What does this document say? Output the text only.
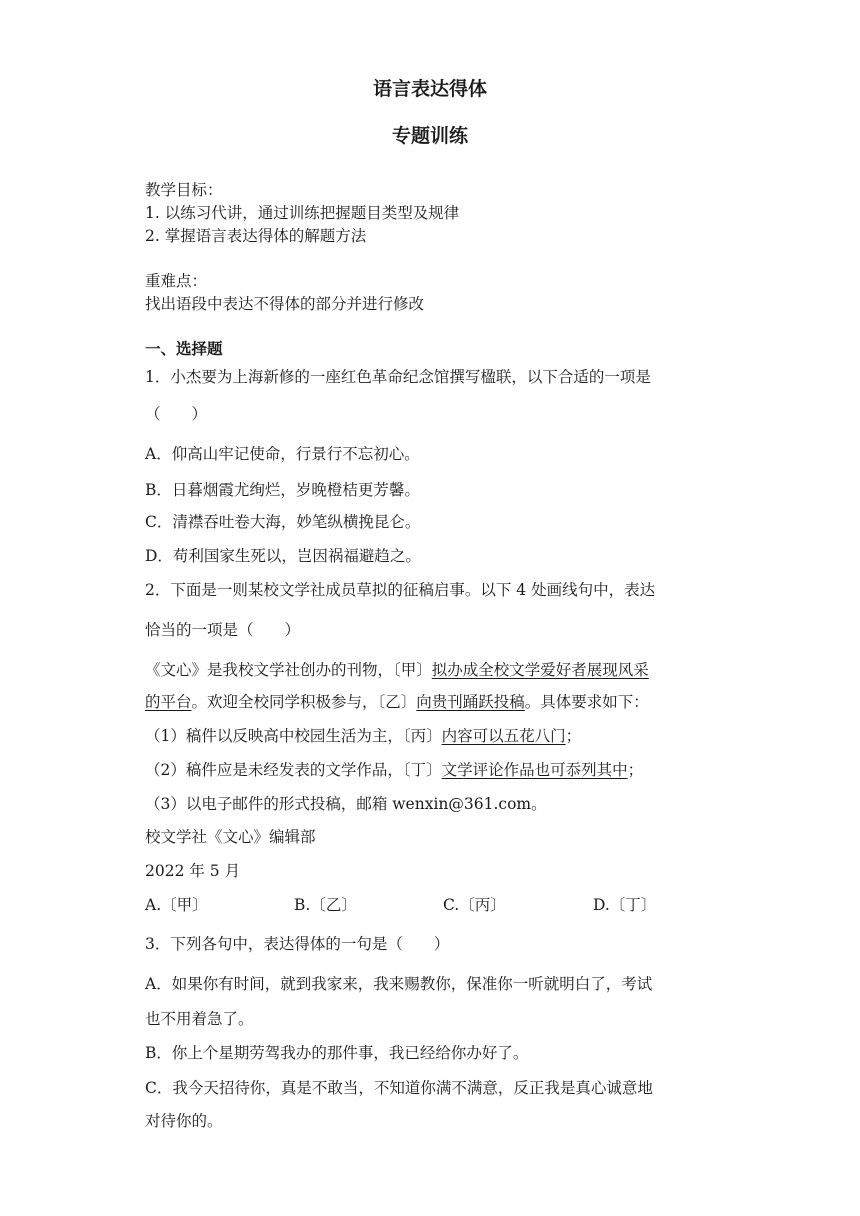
语言表达得体
专题训练
教学目标：
1. 以练习代讲，通过训练把握题目类型及规律
2. 掌握语言表达得体的解题方法
重难点：
找出语段中表达不得体的部分并进行修改
一、选择题
1．小杰要为上海新修的一座红色革命纪念馆撰写楹联，以下合适的一项是
（　　）
A．仰高山牢记使命，行景行不忘初心。
B．日暮烟霞尤绚烂，岁晚橙桔更芳馨。
C．清襟吞吐卷大海，妙笔纵横挽昆仑。
D．苟利国家生死以，岂因祸福避趋之。
2．下面是一则某校文学社成员草拟的征稿启事。以下 4 处画线句中，表达
恰当的一项是（　　）
《文心》是我校文学社创办的刊物，〔甲〕拟办成全校文学爱好者展现风采
的平台。欢迎全校同学积极参与，〔乙〕向贵刊踊跃投稿。具体要求如下：
（1）稿件以反映高中校园生活为主，〔丙〕内容可以五花八门；
（2）稿件应是未经发表的文学作品，〔丁〕文学评论作品也可忝列其中；
（3）以电子邮件的形式投稿，邮箱 wenxin@361.com。
校文学社《文心》编辑部
2022 年 5 月
A.〔甲〕	B.〔乙〕	C.〔丙〕	D.〔丁〕
3．下列各句中，表达得体的一句是（　　）
A．如果你有时间，就到我家来，我来赐教你，保准你一听就明白了，考试
也不用着急了。
B．你上个星期劳驾我办的那件事，我已经给你办好了。
C．我今天招待你，真是不敢当，不知道你满不满意，反正我是真心诚意地
对待你的。
